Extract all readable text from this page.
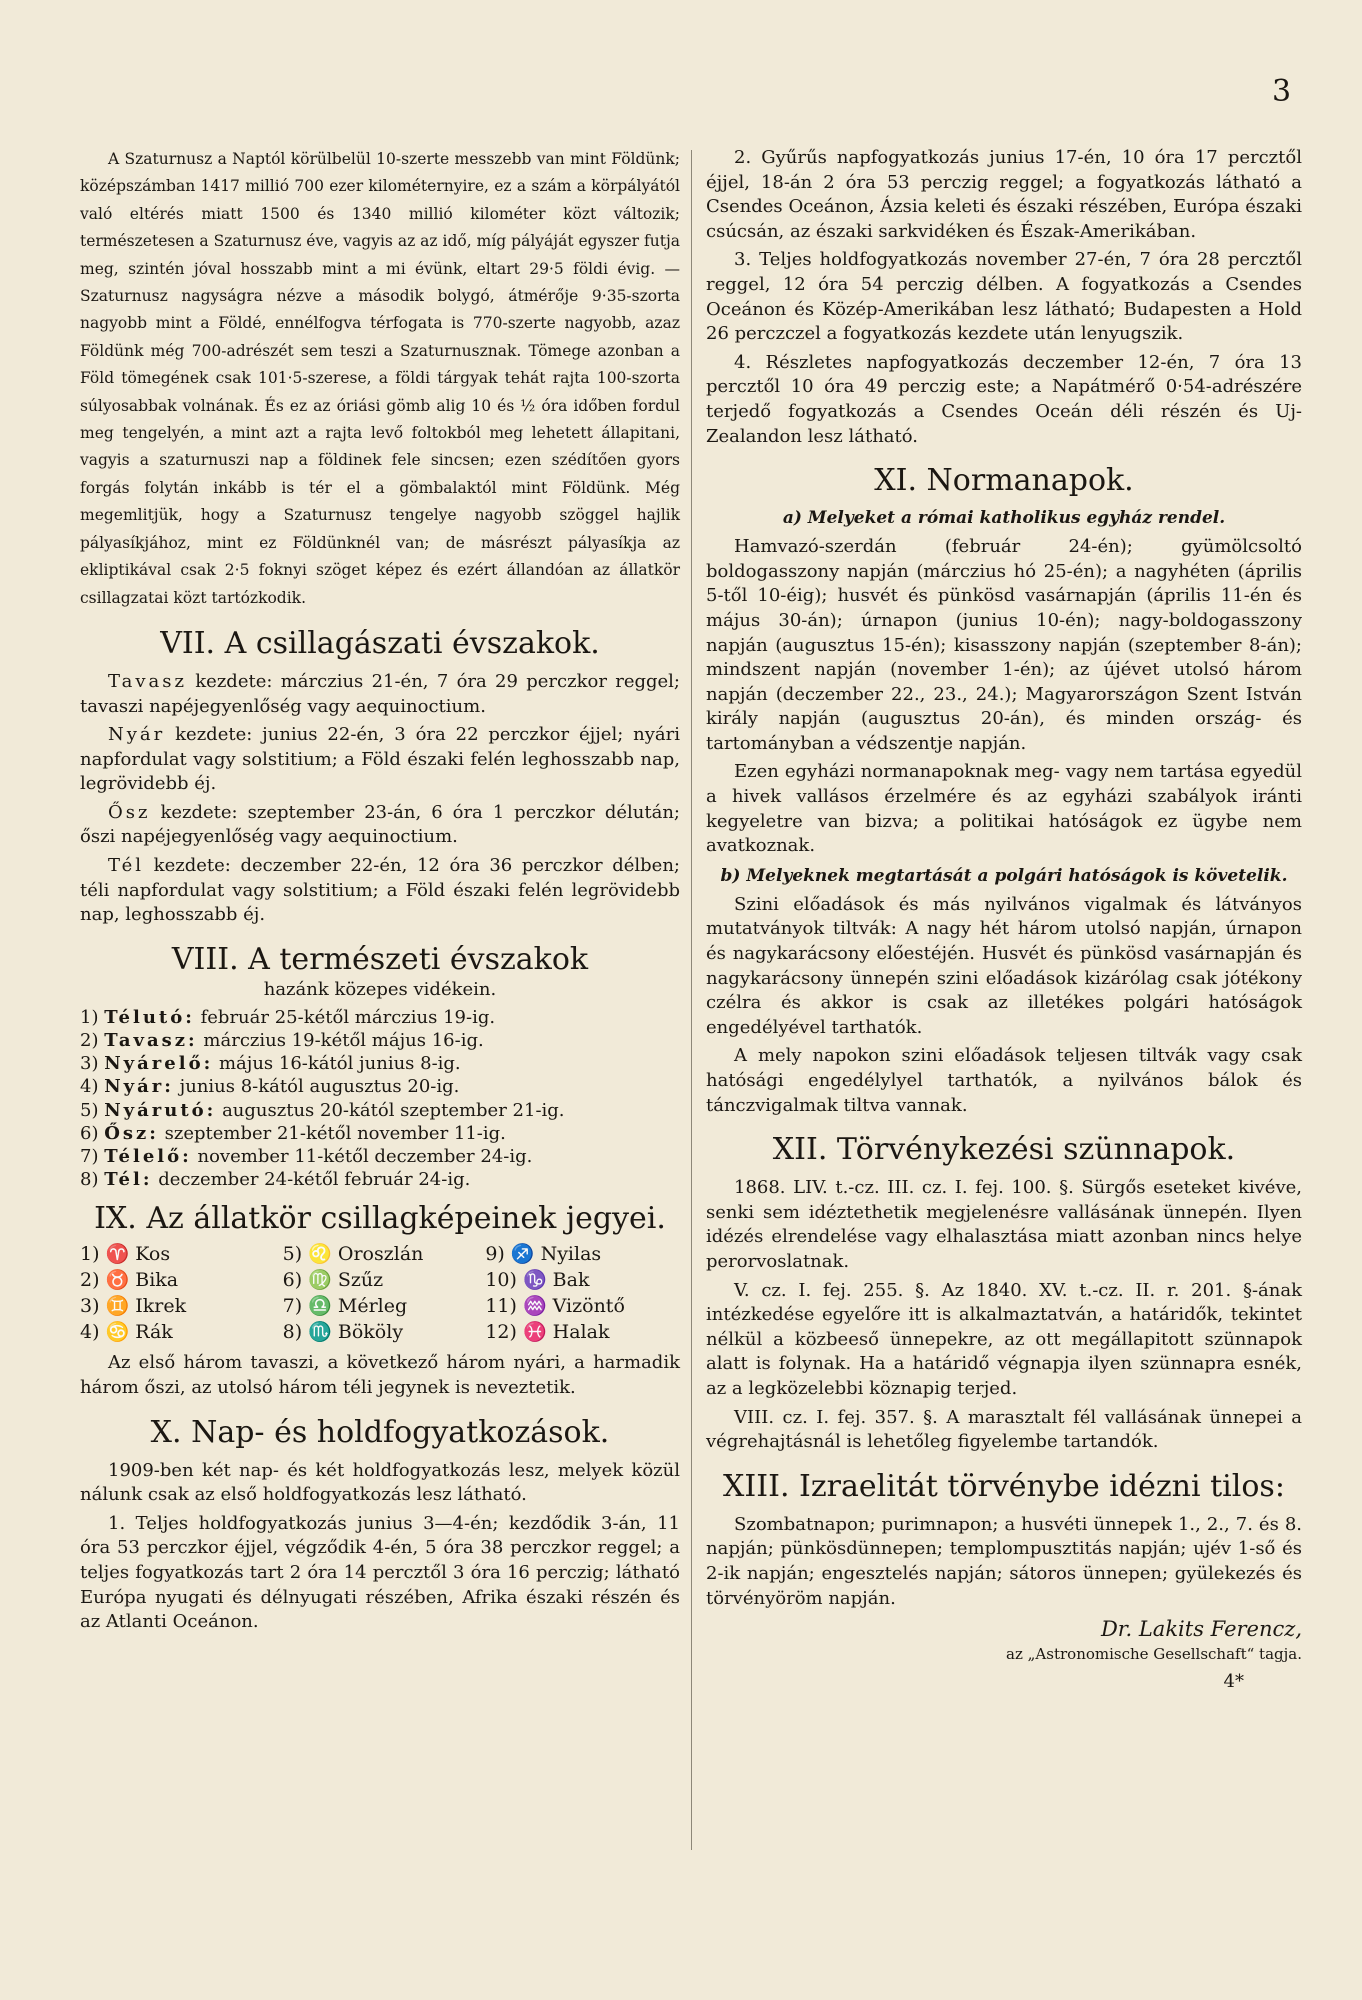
3

A Szaturnusz a Naptól körülbelül 10-szerte messzebb van mint Földünk; középszámban 1417 millió 700 ezer kilométernyire, ez a szám a körpályától való eltérés miatt 1500 és 1340 millió kilométer közt változik; természetesen a Szaturnusz éve, vagyis az az idő, míg pályáját egyszer futja meg, szintén jóval hosszabb mint a mi évünk, eltart 29·5 földi évig. — Szaturnusz nagyságra nézve a második bolygó, átmérője 9·35-szorta nagyobb mint a Földé, ennélfogva térfogata is 770-szerte nagyobb, azaz Földünk még 700-adrészét sem teszi a Szaturnusznak. Tömege azonban a Föld tömegének csak 101·5-szerese, a földi tárgyak tehát rajta 100-szorta súlyosabbak volnának. És ez az óriási gömb alig 10 és ½ óra időben fordul meg tengelyén, a mint azt a rajta levő foltokból meg lehetett állapitani, vagyis a szaturnuszi nap a földinek fele sincsen; ezen szédítően gyors forgás folytán inkább is tér el a gömbalaktól mint Földünk. Még megemlitjük, hogy a Szaturnusz tengelye nagyobb szöggel hajlik pályasíkjához, mint ez Földünknél van; de másrészt pályasíkja az ekliptikával csak 2·5 foknyi szöget képez és ezért állandóan az állatkör csillagzatai közt tartózkodik.

VII. A csillagászati évszakok.

Tavasz kezdete: márczius 21-én, 7 óra 29 perczkor reggel; tavaszi napéjegyenlőség vagy aequinoctium.

Nyár kezdete: junius 22-én, 3 óra 22 perczkor éjjel; nyári napfordulat vagy solstitium; a Föld északi felén leghosszabb nap, legrövidebb éj.

Ősz kezdete: szeptember 23-án, 6 óra 1 perczkor délután; őszi napéjegyenlőség vagy aequinoctium.

Tél kezdete: deczember 22-én, 12 óra 36 perczkor délben; téli napfordulat vagy solstitium; a Föld északi felén legrövidebb nap, leghosszabb éj.

VIII. A természeti évszakok
hazánk közepes vidékein.
1) Télutó: február 25-kétől márczius 19-ig.
2) Tavasz: márczius 19-kétől május 16-ig.
3) Nyárelő: május 16-kától junius 8-ig.
4) Nyár: junius 8-kától augusztus 20-ig.
5) Nyárutó: augusztus 20-kától szeptember 21-ig.
6) Ősz: szeptember 21-kétől november 11-ig.
7) Télelő: november 11-kétől deczember 24-ig.
8) Tél: deczember 24-kétől február 24-ig.
IX. Az állatkör csillagképeinek jegyei.
1) ♈ Kos	5) ♌ Oroszlán	9) ♐ Nyilas
2) ♉ Bika	6) ♍ Szűz	10) ♑ Bak
3) ♊ Ikrek	7) ♎ Mérleg	11) ♒ Vizöntő
4) ♋ Rák	8) ♏ Bököly	12) ♓ Halak

Az első három tavaszi, a következő három nyári, a harmadik három őszi, az utolsó három téli jegynek is neveztetik.

X. Nap- és holdfogyatkozások.

1909-ben két nap- és két holdfogyatkozás lesz, melyek közül nálunk csak az első holdfogyatkozás lesz látható.

1. Teljes holdfogyatkozás junius 3—4-én; kezdődik 3-án, 11 óra 53 perczkor éjjel, végződik 4-én, 5 óra 38 perczkor reggel; a teljes fogyatkozás tart 2 óra 14 percztől 3 óra 16 perczig; látható Európa nyugati és délnyugati részében, Afrika északi részén és az Atlanti Oceánon.

2. Gyűrűs napfogyatkozás junius 17-én, 10 óra 17 percztől éjjel, 18-án 2 óra 53 perczig reggel; a fogyatkozás látható a Csendes Oceánon, Ázsia keleti és északi részében, Európa északi csúcsán, az északi sarkvidéken és Észak-Amerikában.

3. Teljes holdfogyatkozás november 27-én, 7 óra 28 percztől reggel, 12 óra 54 perczig délben. A fogyatkozás a Csendes Oceánon és Közép-Amerikában lesz látható; Budapesten a Hold 26 perczczel a fogyatkozás kezdete után lenyugszik.

4. Részletes napfogyatkozás deczember 12-én, 7 óra 13 percztől 10 óra 49 perczig este; a Napátmérő 0·54-adrészére terjedő fogyatkozás a Csendes Oceán déli részén és Uj-Zealandon lesz látható.

XI. Normanapok.
a) Melyeket a római katholikus egyház rendel.

Hamvazó-szerdán (február 24-én); gyümölcsoltó boldogasszony napján (márczius hó 25-én); a nagyhéten (április 5-től 10-éig); husvét és pünkösd vasárnapján (április 11-én és május 30-án); úrnapon (junius 10-én); nagy-boldogasszony napján (augusztus 15-én); kisasszony napján (szeptember 8-án); mindszent napján (november 1-én); az újévet utolsó három napján (deczember 22., 23., 24.); Magyarországon Szent István király napján (augusztus 20-án), és minden ország- és tartományban a védszentje napján.

Ezen egyházi normanapoknak meg- vagy nem tartása egyedül a hivek vallásos érzelmére és az egyházi szabályok iránti kegyeletre van bizva; a politikai hatóságok ez ügybe nem avatkoznak.

b) Melyeknek megtartását a polgári hatóságok is követelik.

Szini előadások és más nyilvános vigalmak és látványos mutatványok tiltvák: A nagy hét három utolsó napján, úrnapon és nagykarácsony előestéjén. Husvét és pünkösd vasárnapján és nagykarácsony ünnepén szini előadások kizárólag csak jótékony czélra és akkor is csak az illetékes polgári hatóságok engedélyével tarthatók.

A mely napokon szini előadások teljesen tiltvák vagy csak hatósági engedélylyel tarthatók, a nyilvános bálok és tánczvigalmak tiltva vannak.

XII. Törvénykezési szünnapok.

1868. LIV. t.-cz. III. cz. I. fej. 100. §. Sürgős eseteket kivéve, senki sem idéztethetik megjelenésre vallásának ünnepén. Ilyen idézés elrendelése vagy elhalasztása miatt azonban nincs helye perorvoslatnak.

V. cz. I. fej. 255. §. Az 1840. XV. t.-cz. II. r. 201. §-ának intézkedése egyelőre itt is alkalmaztatván, a határidők, tekintet nélkül a közbeeső ünnepekre, az ott megállapitott szünnapok alatt is folynak. Ha a határidő végnapja ilyen szünnapra esnék, az a legközelebbi köznapig terjed.

VIII. cz. I. fej. 357. §. A marasztalt fél vallásának ünnepei a végrehajtásnál is lehetőleg figyelembe tartandók.

XIII. Izraelitát törvénybe idézni tilos:

Szombatnapon; purimnapon; a husvéti ünnepek 1., 2., 7. és 8. napján; pünkösdünnepen; templompusztitás napján; ujév 1-ső és 2-ik napján; engesztelés napján; sátoros ünnepen; gyülekezés és törvényöröm napján.

Dr. Lakits Ferencz,
az „Astronomische Gesellschaft“ tagja.
4*
